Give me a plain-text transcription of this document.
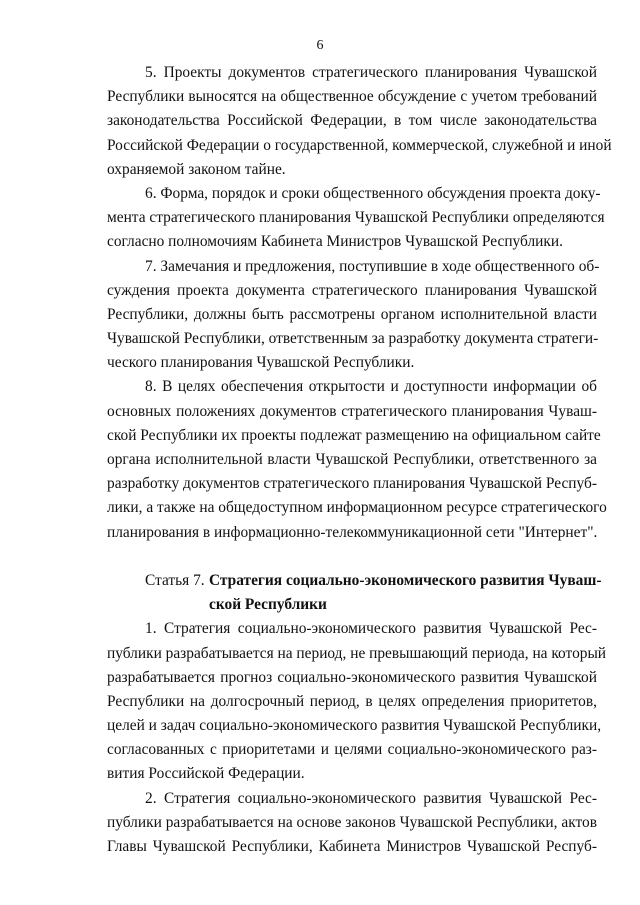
6
5. Проекты документов стратегического планирования Чувашской
Республики выносятся на общественное обсуждение с учетом требований
законодательства Российской Федерации, в том числе законодательства
Российской Федерации о государственной, коммерческой, служебной и иной
охраняемой законом тайне.
6. Форма, порядок и сроки общественного обсуждения проекта доку-
мента стратегического планирования Чувашской Республики определяются
согласно полномочиям Кабинета Министров Чувашской Республики.
7. Замечания и предложения, поступившие в ходе общественного об-
суждения проекта документа стратегического планирования Чувашской
Республики, должны быть рассмотрены органом исполнительной власти
Чувашской Республики, ответственным за разработку документа стратеги-
ческого планирования Чувашской Республики.
8. В целях обеспечения открытости и доступности информации об
основных положениях документов стратегического планирования Чуваш-
ской Республики их проекты подлежат размещению на официальном сайте
органа исполнительной власти Чувашской Республики, ответственного за
разработку документов стратегического планирования Чувашской Респуб-
лики, а также на общедоступном информационном ресурсе стратегического
планирования в информационно-телекоммуникационной сети "Интернет".
Статья 7. Стратегия социально-экономического развития Чуваш-
ской Республики
1. Стратегия социально-экономического развития Чувашской Рес-
публики разрабатывается на период, не превышающий периода, на который
разрабатывается прогноз социально-экономического развития Чувашской
Республики на долгосрочный период, в целях определения приоритетов,
целей и задач социально-экономического развития Чувашской Республики,
согласованных с приоритетами и целями социально-экономического раз-
вития Российской Федерации.
2. Стратегия социально-экономического развития Чувашской Рес-
публики разрабатывается на основе законов Чувашской Республики, актов
Главы Чувашской Республики, Кабинета Министров Чувашской Респуб-
